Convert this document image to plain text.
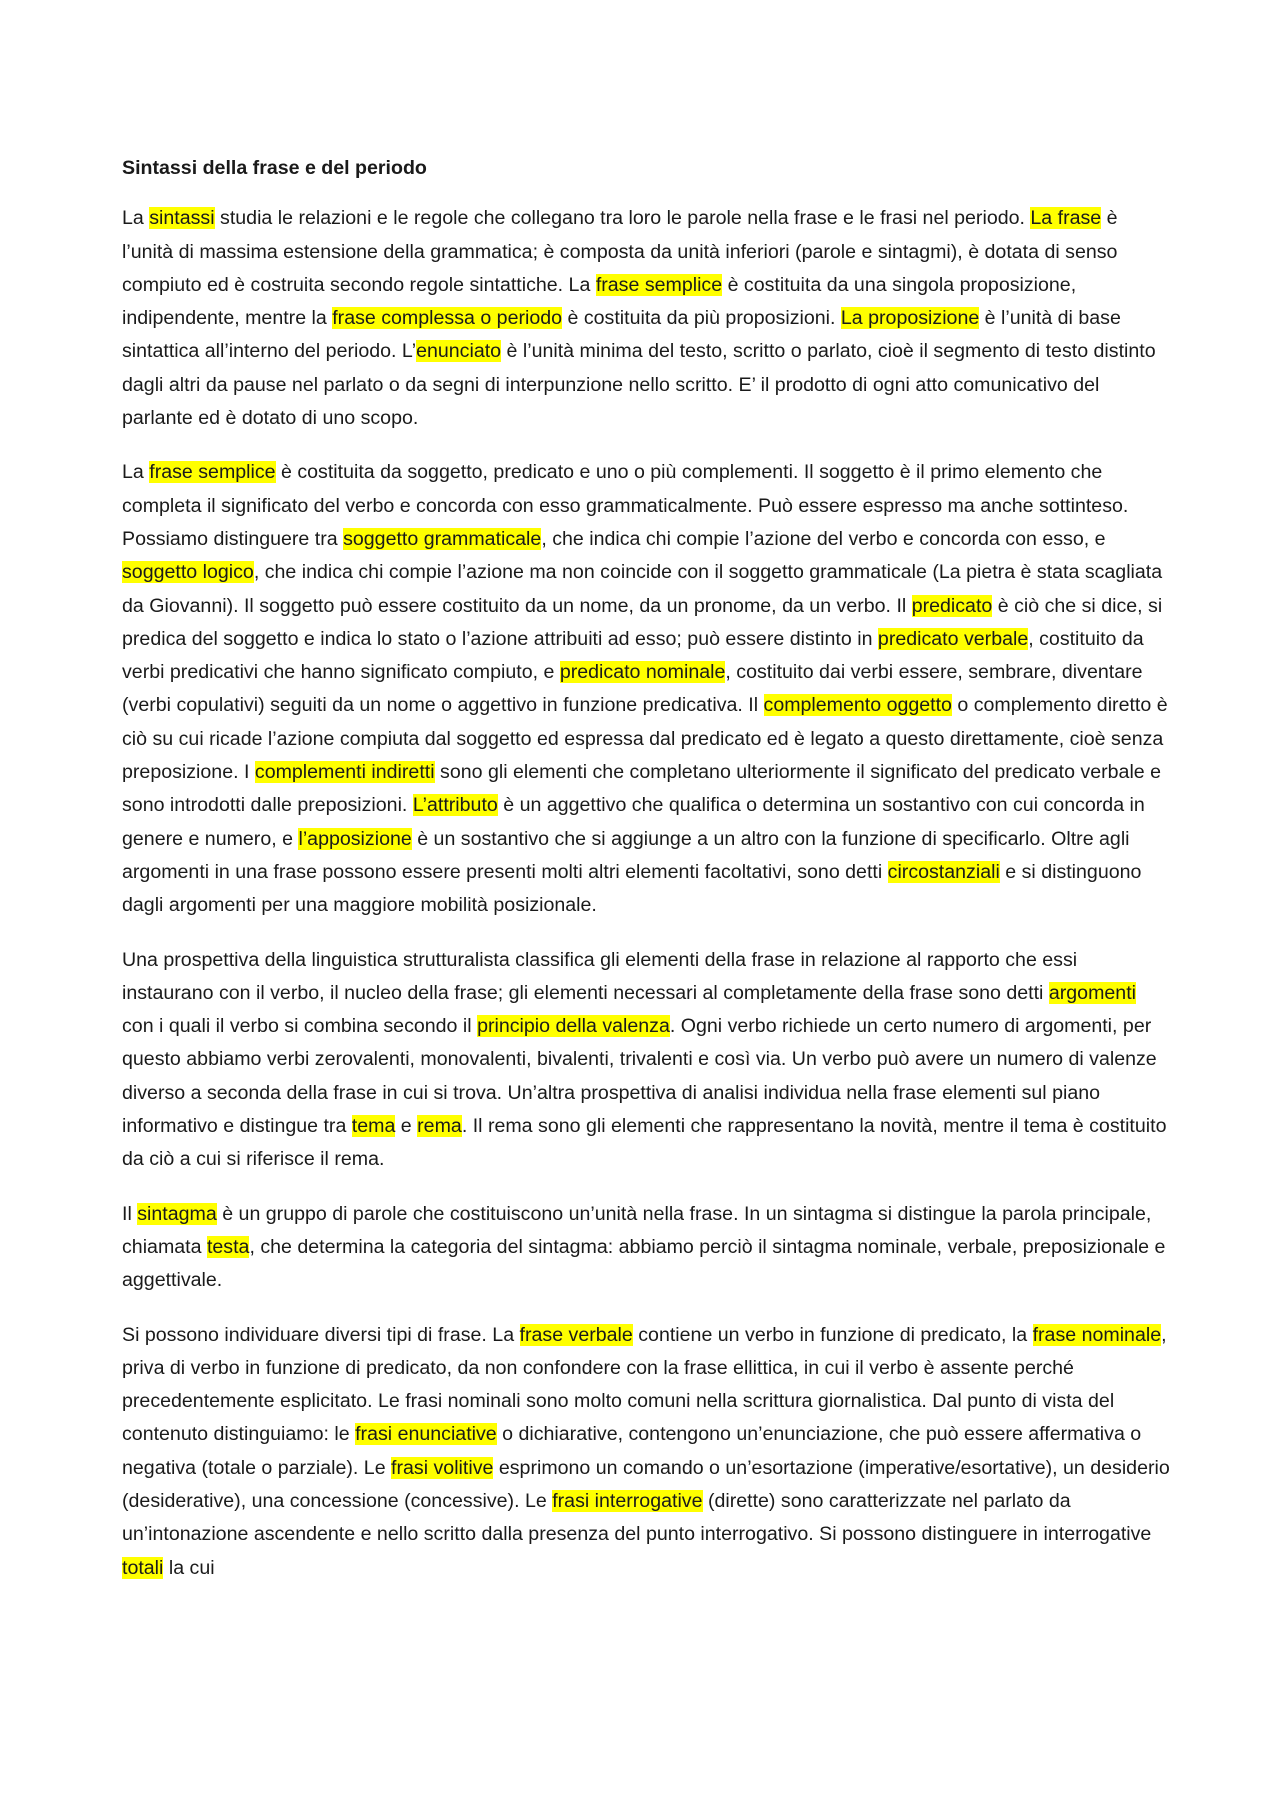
Sintassi della frase e del periodo
La sintassi studia le relazioni e le regole che collegano tra loro le parole nella frase e le frasi nel periodo. La frase è l’unità di massima estensione della grammatica; è composta da unità inferiori (parole e sintagmi), è dotata di senso compiuto ed è costruita secondo regole sintattiche. La frase semplice è costituita da una singola proposizione, indipendente, mentre la frase complessa o periodo è costituita da più proposizioni. La proposizione è l’unità di base sintattica all’interno del periodo. L’enunciato è l’unità minima del testo, scritto o parlato, cioè il segmento di testo distinto dagli altri da pause nel parlato o da segni di interpunzione nello scritto. E’ il prodotto di ogni atto comunicativo del parlante ed è dotato di uno scopo.
La frase semplice è costituita da soggetto, predicato e uno o più complementi. Il soggetto è il primo elemento che completa il significato del verbo e concorda con esso grammaticalmente. Può essere espresso ma anche sottinteso. Possiamo distinguere tra soggetto grammaticale, che indica chi compie l’azione del verbo e concorda con esso, e soggetto logico, che indica chi compie l’azione ma non coincide con il soggetto grammaticale (La pietra è stata scagliata da Giovanni). Il soggetto può essere costituito da un nome, da un pronome, da un verbo. Il predicato è ciò che si dice, si predica del soggetto e indica lo stato o l’azione attribuiti ad esso; può essere distinto in predicato verbale, costituito da verbi predicativi che hanno significato compiuto, e predicato nominale, costituito dai verbi essere, sembrare, diventare (verbi copulativi) seguiti da un nome o aggettivo in funzione predicativa. Il complemento oggetto o complemento diretto è ciò su cui ricade l’azione compiuta dal soggetto ed espressa dal predicato ed è legato a questo direttamente, cioè senza preposizione. I complementi indiretti sono gli elementi che completano ulteriormente il significato del predicato verbale e sono introdotti dalle preposizioni. L’attributo è un aggettivo che qualifica o determina un sostantivo con cui concorda in genere e numero, e l’apposizione è un sostantivo che si aggiunge a un altro con la funzione di specificarlo. Oltre agli argomenti in una frase possono essere presenti molti altri elementi facoltativi, sono detti circostanziali e si distinguono dagli argomenti per una maggiore mobilità posizionale.
Una prospettiva della linguistica strutturalista classifica gli elementi della frase in relazione al rapporto che essi instaurano con il verbo, il nucleo della frase; gli elementi necessari al completamente della frase sono detti argomenti con i quali il verbo si combina secondo il principio della valenza. Ogni verbo richiede un certo numero di argomenti, per questo abbiamo verbi zerovalenti, monovalenti, bivalenti, trivalenti e così via. Un verbo può avere un numero di valenze diverso a seconda della frase in cui si trova. Un’altra prospettiva di analisi individua nella frase elementi sul piano informativo e distingue tra tema e rema. Il rema sono gli elementi che rappresentano la novità, mentre il tema è costituito da ciò a cui si riferisce il rema.
Il sintagma è un gruppo di parole che costituiscono un’unità nella frase. In un sintagma si distingue la parola principale, chiamata testa, che determina la categoria del sintagma: abbiamo perciò il sintagma nominale, verbale, preposizionale e aggettivale.
Si possono individuare diversi tipi di frase. La frase verbale contiene un verbo in funzione di predicato, la frase nominale, priva di verbo in funzione di predicato, da non confondere con la frase ellittica, in cui il verbo è assente perché precedentemente esplicitato. Le frasi nominali sono molto comuni nella scrittura giornalistica. Dal punto di vista del contenuto distinguiamo: le frasi enunciative o dichiarative, contengono un’enunciazione, che può essere affermativa o negativa (totale o parziale). Le frasi volitive esprimono un comando o un’esortazione (imperative/esortative), un desiderio (desiderative), una concessione (concessive). Le frasi interrogative (dirette) sono caratterizzate nel parlato da un’intonazione ascendente e nello scritto dalla presenza del punto interrogativo. Si possono distinguere in interrogative totali la cui
